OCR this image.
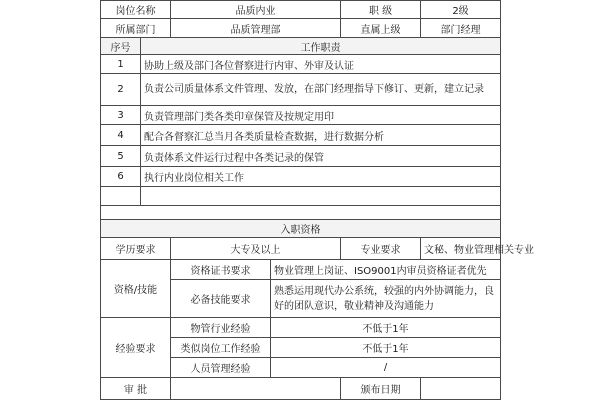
岗位名称		品质内业		职 级	2级
所属部门		品质管理部		直属上级	部门经理
序号	工作职责				
1	协助上级及部门各位督察进行内审、外审及认证				
2	负责公司质量体系文件管理、发放，在部门经理指导下修订、更新，建立记录				
3	负责管理部门类各类印章保管及按规定用印				
4	配合各督察汇总当月各类质量检查数据，进行数据分析				
5	负责体系文件运行过程中各类记录的保管				
6	执行内业岗位相关工作				

入职资格					
学历要求		大专及以上		专业要求	文秘、物业管理相关专业
资格/技能		资格证书要求	物业管理上岗证、ISO9001内审员资格证者优先		
		必备技能要求	熟悉运用现代办公系统，较强的内外协调能力，良好的团队意识，敬业精神及沟通能力		
经验要求		物管行业经验	不低于1年		
		类似岗位工作经验	不低于1年		
		人员管理经验	/		
审 批				颁布日期	
